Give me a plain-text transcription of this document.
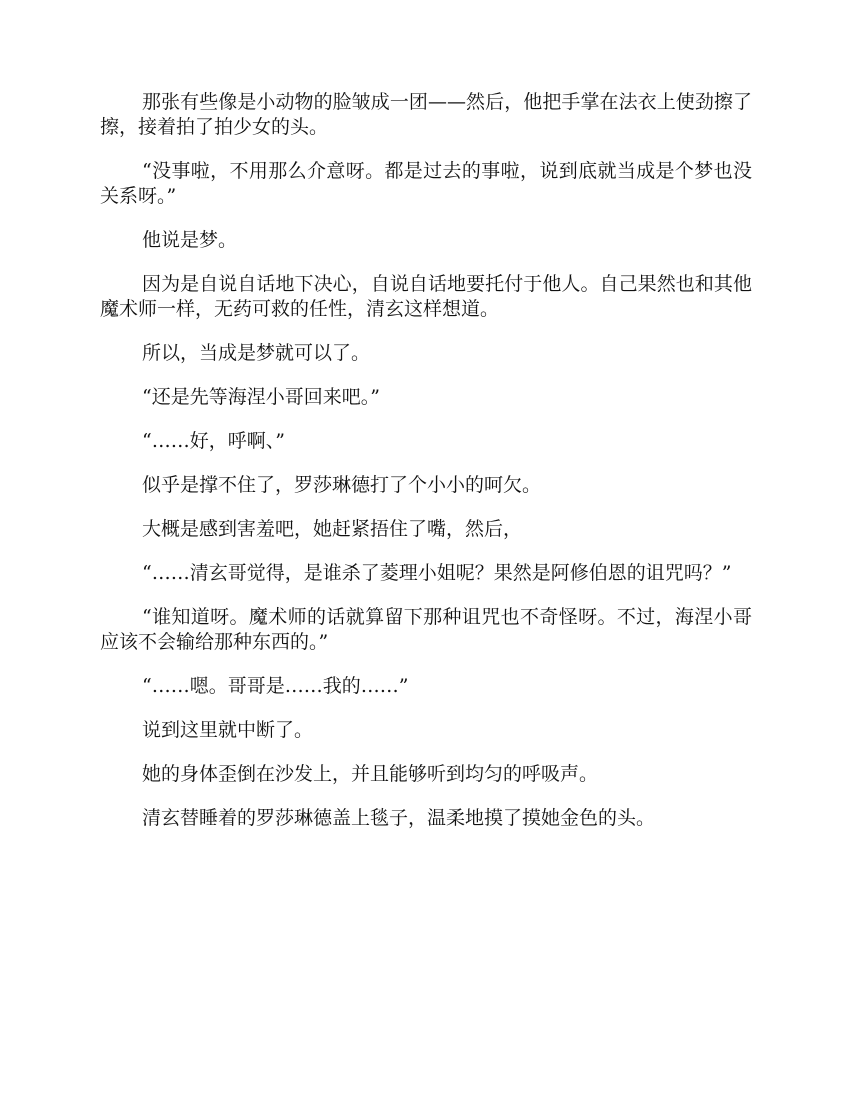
那张有些像是小动物的脸皱成一团——然后，他把手掌在法衣上使劲擦了擦，接着拍了拍少女的头。

“没事啦，不用那么介意呀。都是过去的事啦，说到底就当成是个梦也没关系呀。”

他说是梦。

因为是自说自话地下决心，自说自话地要托付于他人。自己果然也和其他魔术师一样，无药可救的任性，清玄这样想道。

所以，当成是梦就可以了。

“还是先等海涅小哥回来吧。”

“……好，呼啊、”

似乎是撑不住了，罗莎琳德打了个小小的呵欠。

大概是感到害羞吧，她赶紧捂住了嘴，然后，

“……清玄哥觉得，是谁杀了菱理小姐呢？果然是阿修伯恩的诅咒吗？”

“谁知道呀。魔术师的话就算留下那种诅咒也不奇怪呀。不过，海涅小哥应该不会输给那种东西的。”

“……嗯。哥哥是……我的……”

说到这里就中断了。

她的身体歪倒在沙发上，并且能够听到均匀的呼吸声。

清玄替睡着的罗莎琳德盖上毯子，温柔地摸了摸她金色的头。
